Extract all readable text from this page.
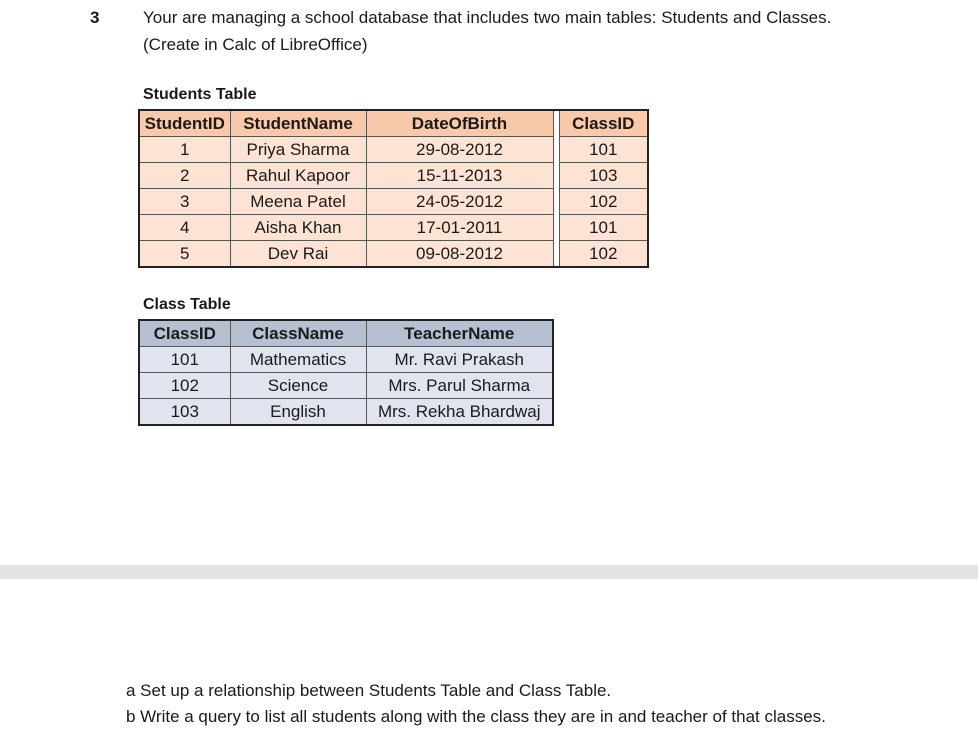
3	Your are managing a school database that includes two main tables: Students and Classes.
(Create in Calc of LibreOffice)
Students Table
StudentID	StudentName	DateOfBirth		ClassID
1	Priya Sharma	29-08-2012		101
2	Rahul Kapoor	15-11-2013		103
3	Meena Patel	24-05-2012		102
4	Aisha Khan	17-01-2011		101
5	Dev Rai	09-08-2012		102
Class Table
ClassID	ClassName	TeacherName
101	Mathematics	Mr. Ravi Prakash
102	Science	Mrs. Parul Sharma
103	English	Mrs. Rekha Bhardwaj
a Set up a relationship between Students Table and Class Table.
b Write a query to list all students along with the class they are in and teacher of that classes.
